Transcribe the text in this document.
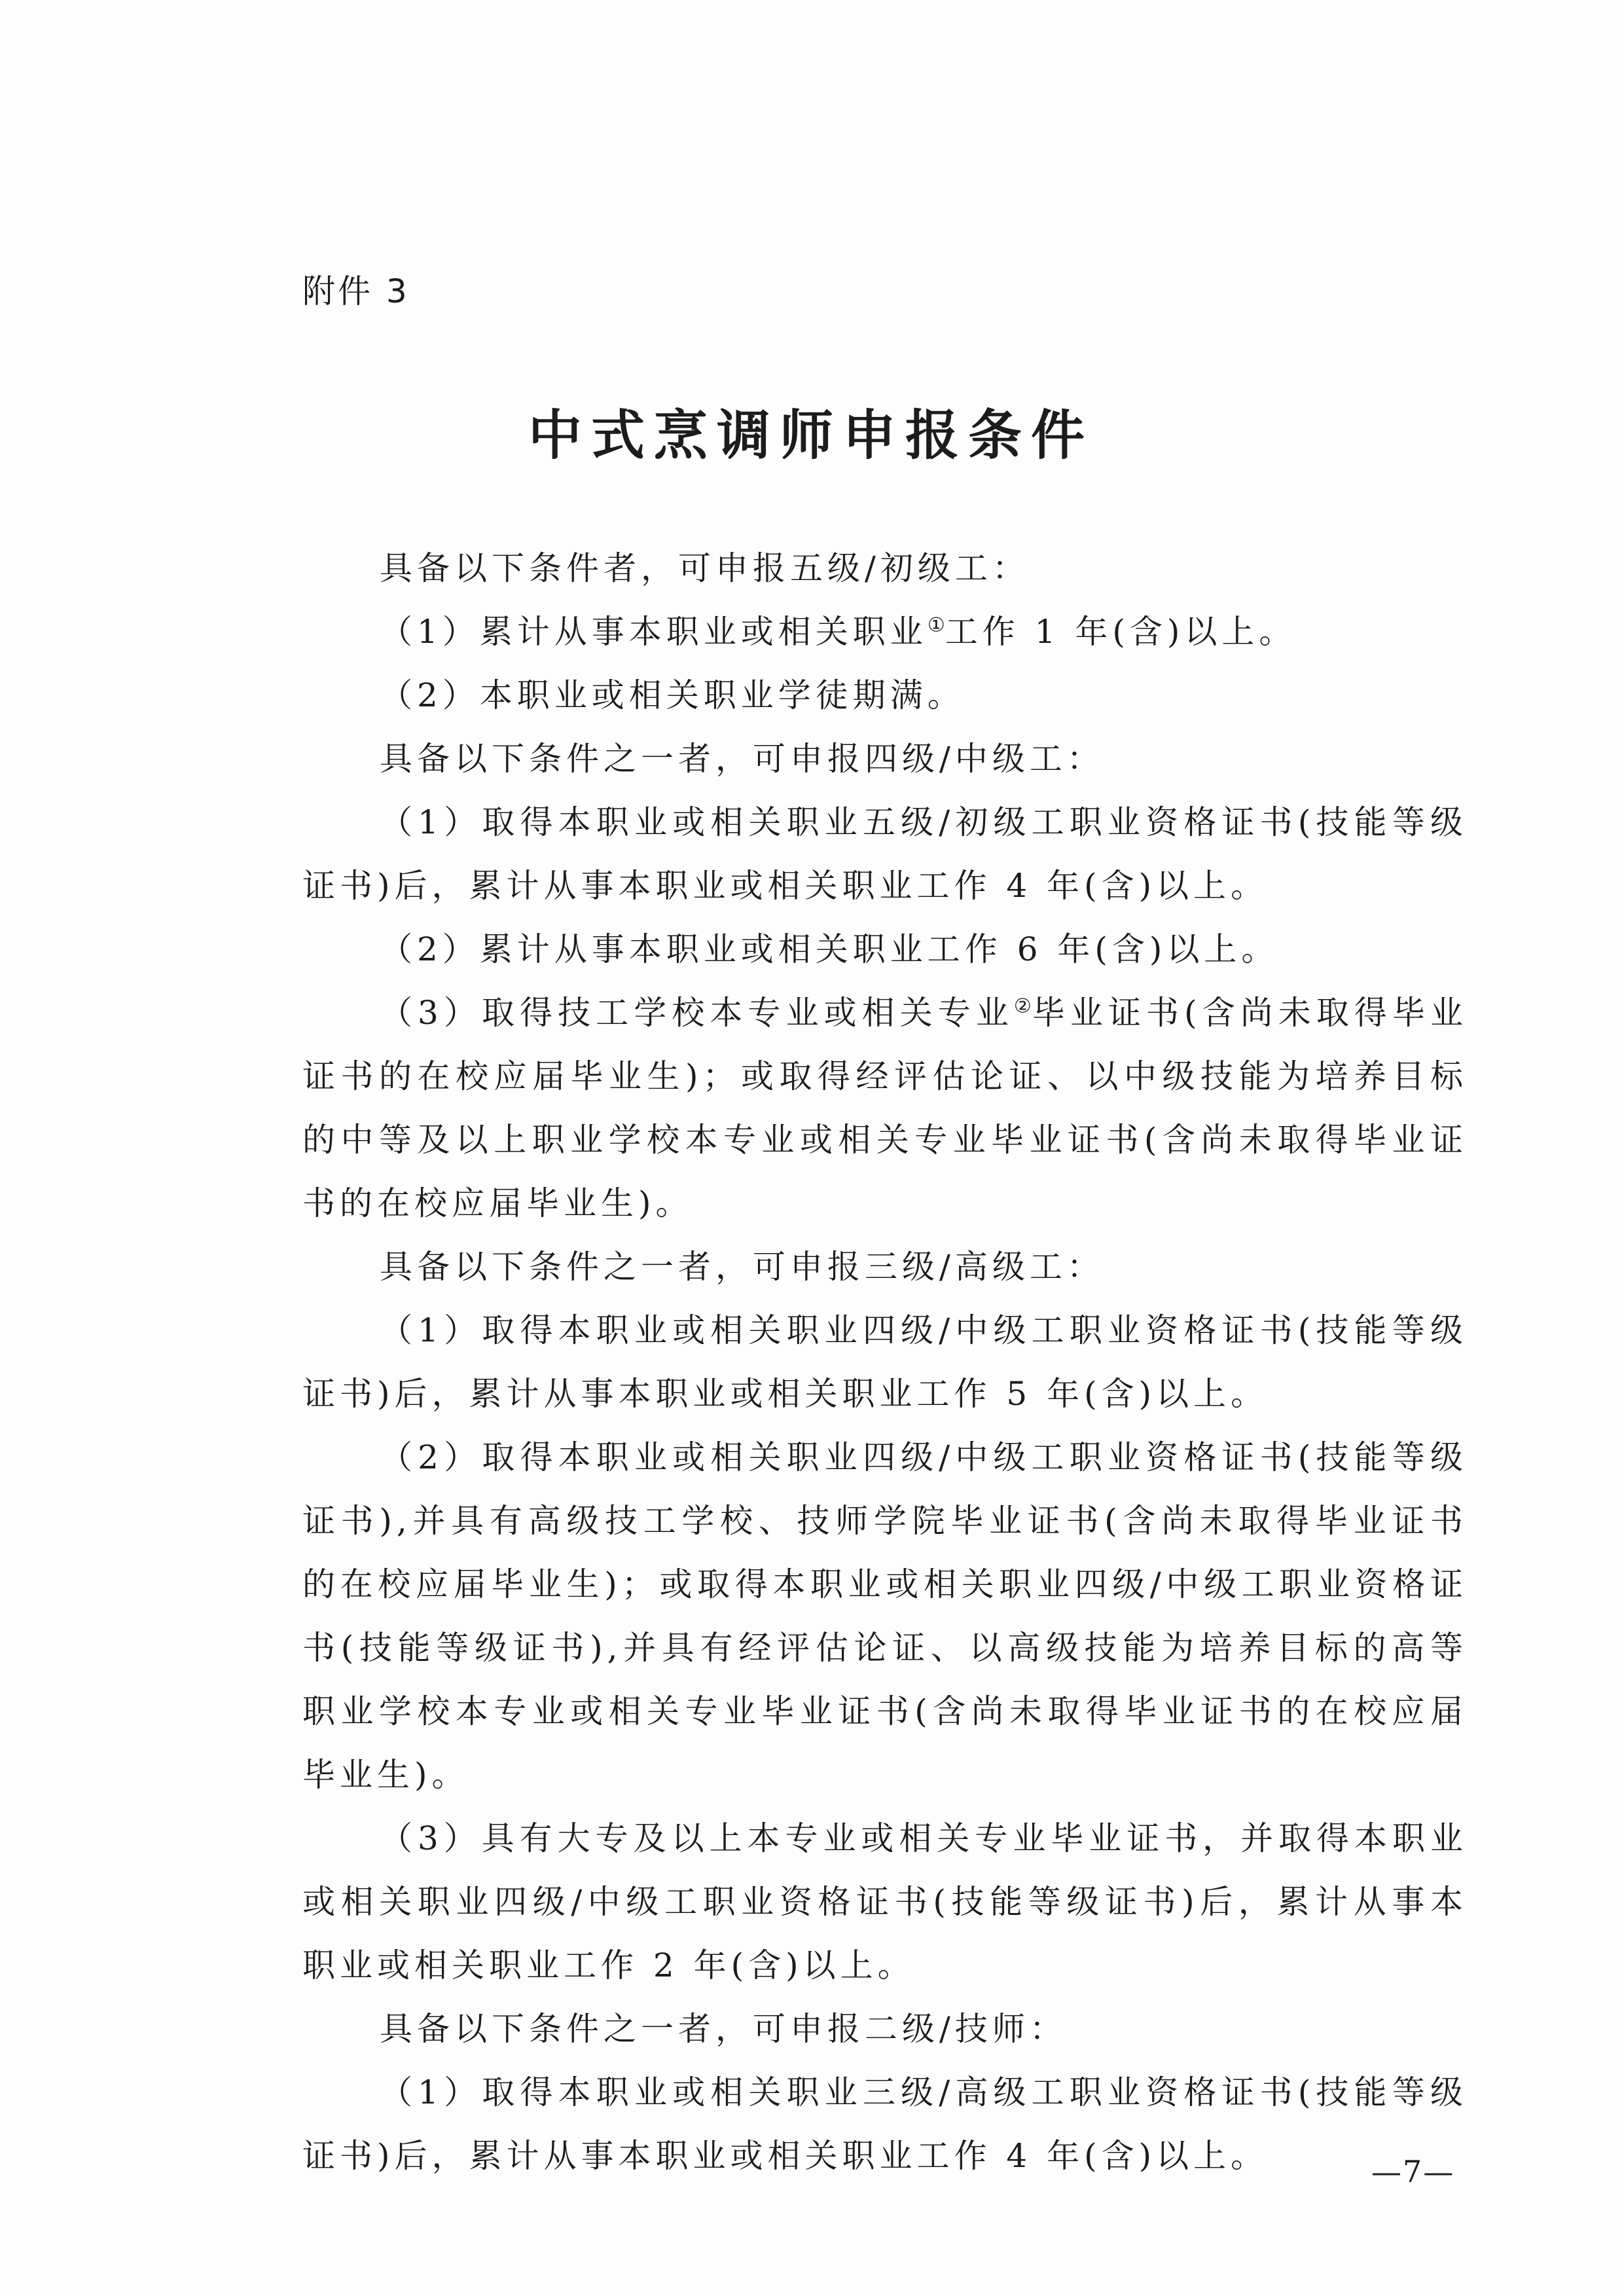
附件 3
中式烹调师申报条件

具备以下条件者，可申报五级/初级工：

（1）累计从事本职业或相关职业①工作 1 年(含)以上。

（2）本职业或相关职业学徒期满。

具备以下条件之一者，可申报四级/中级工：

（1）取得本职业或相关职业五级/初级工职业资格证书(技能等级证书)后，累计从事本职业或相关职业工作 4 年(含)以上。

（2）累计从事本职业或相关职业工作 6 年(含)以上。

（3）取得技工学校本专业或相关专业②毕业证书(含尚未取得毕业证书的在校应届毕业生)；或取得经评估论证、以中级技能为培养目标的中等及以上职业学校本专业或相关专业毕业证书(含尚未取得毕业证书的在校应届毕业生)。

具备以下条件之一者，可申报三级/高级工：

（1）取得本职业或相关职业四级/中级工职业资格证书(技能等级证书)后，累计从事本职业或相关职业工作 5 年(含)以上。

（2）取得本职业或相关职业四级/中级工职业资格证书(技能等级证书),并具有高级技工学校、技师学院毕业证书(含尚未取得毕业证书的在校应届毕业生)；或取得本职业或相关职业四级/中级工职业资格证书(技能等级证书),并具有经评估论证、以高级技能为培养目标的高等职业学校本专业或相关专业毕业证书(含尚未取得毕业证书的在校应届毕业生)。

（3）具有大专及以上本专业或相关专业毕业证书，并取得本职业或相关职业四级/中级工职业资格证书(技能等级证书)后，累计从事本职业或相关职业工作 2 年(含)以上。

具备以下条件之一者，可申报二级/技师：

（1）取得本职业或相关职业三级/高级工职业资格证书(技能等级证书)后，累计从事本职业或相关职业工作 4 年(含)以上。	—7—
